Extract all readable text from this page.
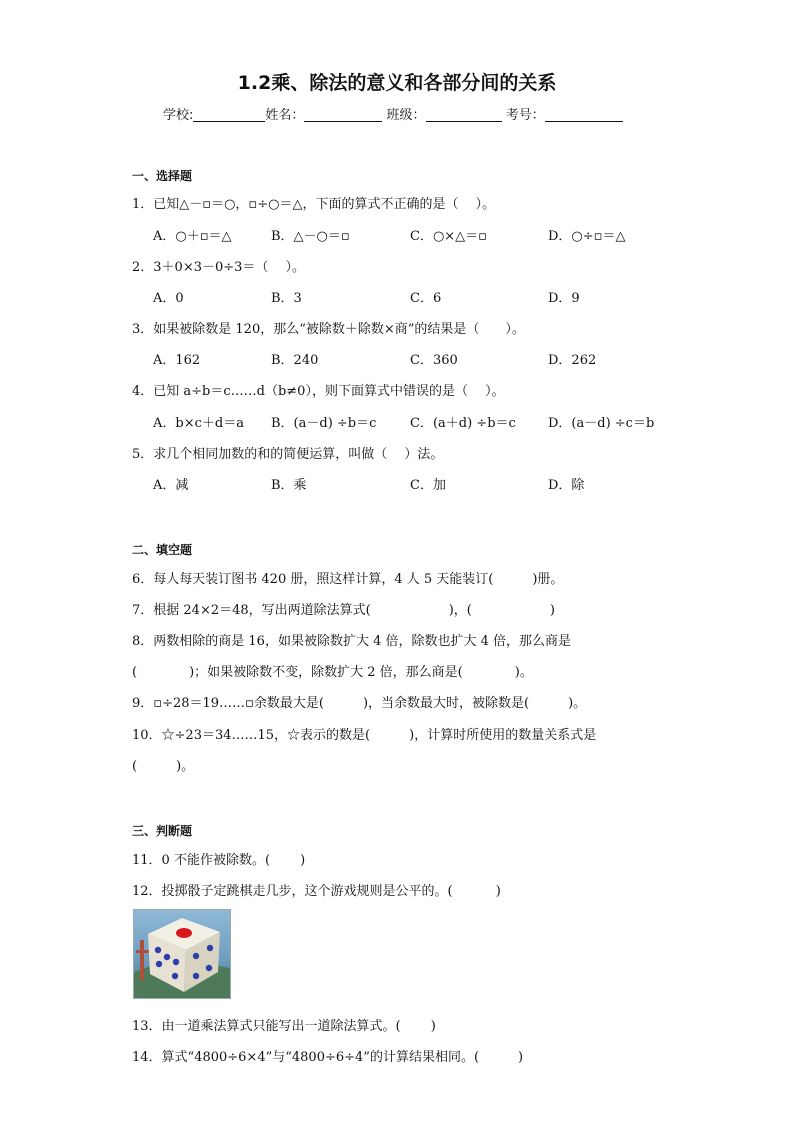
1.2乘、除法的意义和各部分间的关系
学校:	姓名：	班级：	考号：
一、选择题
1．已知△－▫＝○，▫÷○＝△，下面的算式不正确的是（　 ）。
A．○＋▫＝△	B．△－○＝▫	C．○×△＝▫	D．○÷▫＝△
2．3＋0×3－0÷3＝（　 ）。
A．0	B．3	C．6	D．9
3．如果被除数是 120，那么“被除数＋除数×商”的结果是（　　）。
A．162	B．240	C．360	D．262
4．已知 a÷b＝c……d（b≠0），则下面算式中错误的是（　 ）。
A．b×c＋d＝a B．(a－d) ÷b＝c	C．(a＋d) ÷b＝c D．(a－d) ÷c＝b
5．求几个相同加数的和的简便运算，叫做（　 ）法。
A．减	B．乘	C．加	D．除
二、填空题
6．每人每天装订图书 420 册，照这样计算，4 人 5 天能装订(　　　)册。
7．根据 24×2＝48，写出两道除法算式(　　　　　　)，(　　　　　　)
8．两数相除的商是 16，如果被除数扩大 4 倍，除数也扩大 4 倍，那么商是
(　　　　)；如果被除数不变，除数扩大 2 倍，那么商是(　　　　)。
9．▫÷28＝19……▫余数最大是(　　　)，当余数最大时，被除数是(　　　)。
10．☆÷23＝34……15，☆表示的数是(　　　)，计算时所使用的数量关系式是
(　　　)。
三、判断题
11．0 不能作被除数。(　　 )
12．投掷骰子定跳棋走几步，这个游戏规则是公平的。(　　　 )
13．由一道乘法算式只能写出一道除法算式。(　　 )
14．算式“4800÷6×4”与“4800÷6÷4”的计算结果相同。(　　　)
